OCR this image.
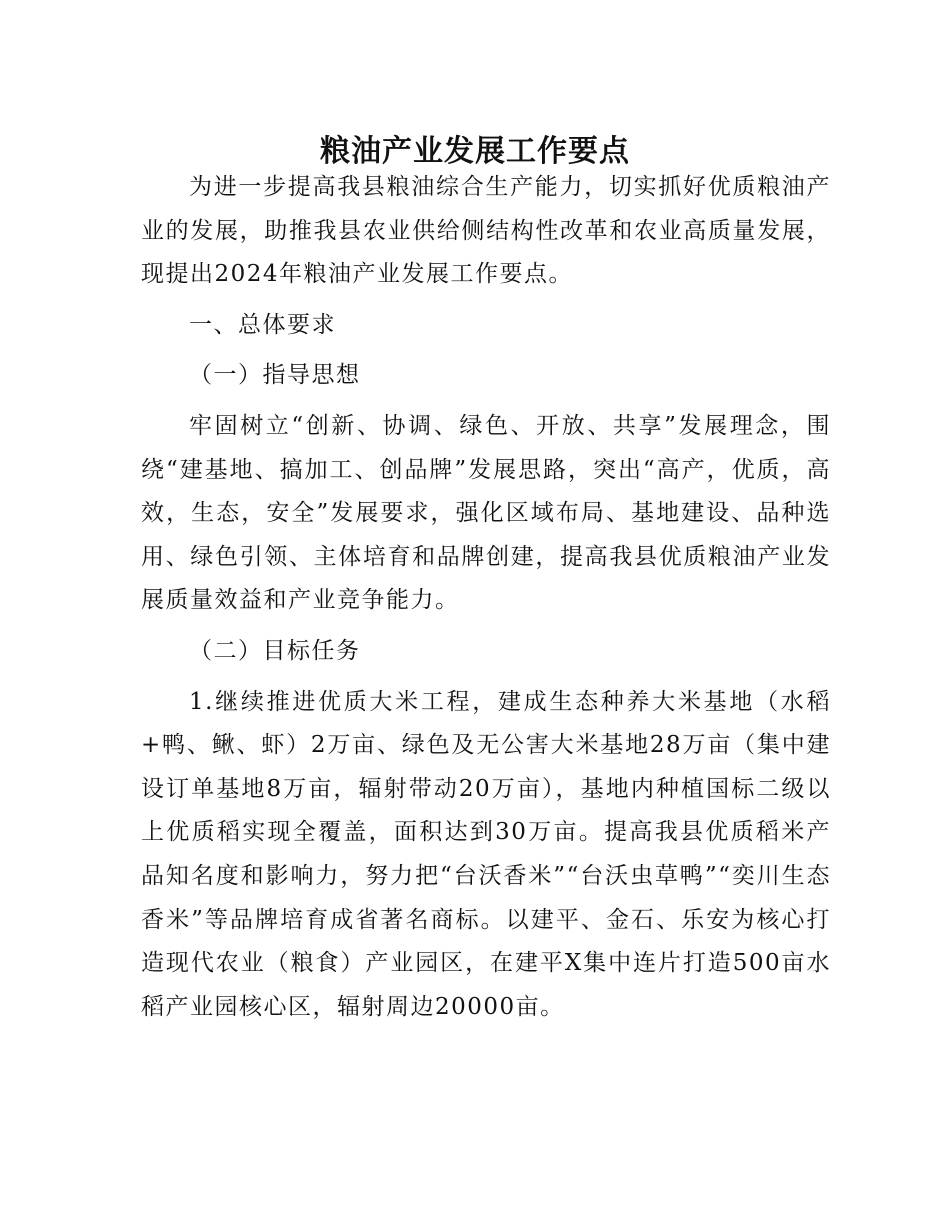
粮油产业发展工作要点

为进一步提高我县粮油综合生产能力，切实抓好优质粮油产业的发展，助推我县农业供给侧结构性改革和农业高质量发展，现提出2024年粮油产业发展工作要点。

一、总体要求

（一）指导思想

牢固树立“创新、协调、绿色、开放、共享”发展理念，围绕“建基地、搞加工、创品牌”发展思路，突出“高产，优质，高效，生态，安全”发展要求，强化区域布局、基地建设、品种选用、绿色引领、主体培育和品牌创建，提高我县优质粮油产业发展质量效益和产业竞争能力。

（二）目标任务

1.继续推进优质大米工程，建成生态种养大米基地（水稻+鸭、鳅、虾）2万亩、绿色及无公害大米基地28万亩（集中建设订单基地8万亩，辐射带动20万亩），基地内种植国标二级以上优质稻实现全覆盖，面积达到30万亩。提高我县优质稻米产品知名度和影响力，努力把“台沃香米”“台沃虫草鸭”“奕川生态香米”等品牌培育成省著名商标。以建平、金石、乐安为核心打造现代农业（粮食）产业园区，在建平X集中连片打造500亩水稻产业园核心区，辐射周边20000亩。
